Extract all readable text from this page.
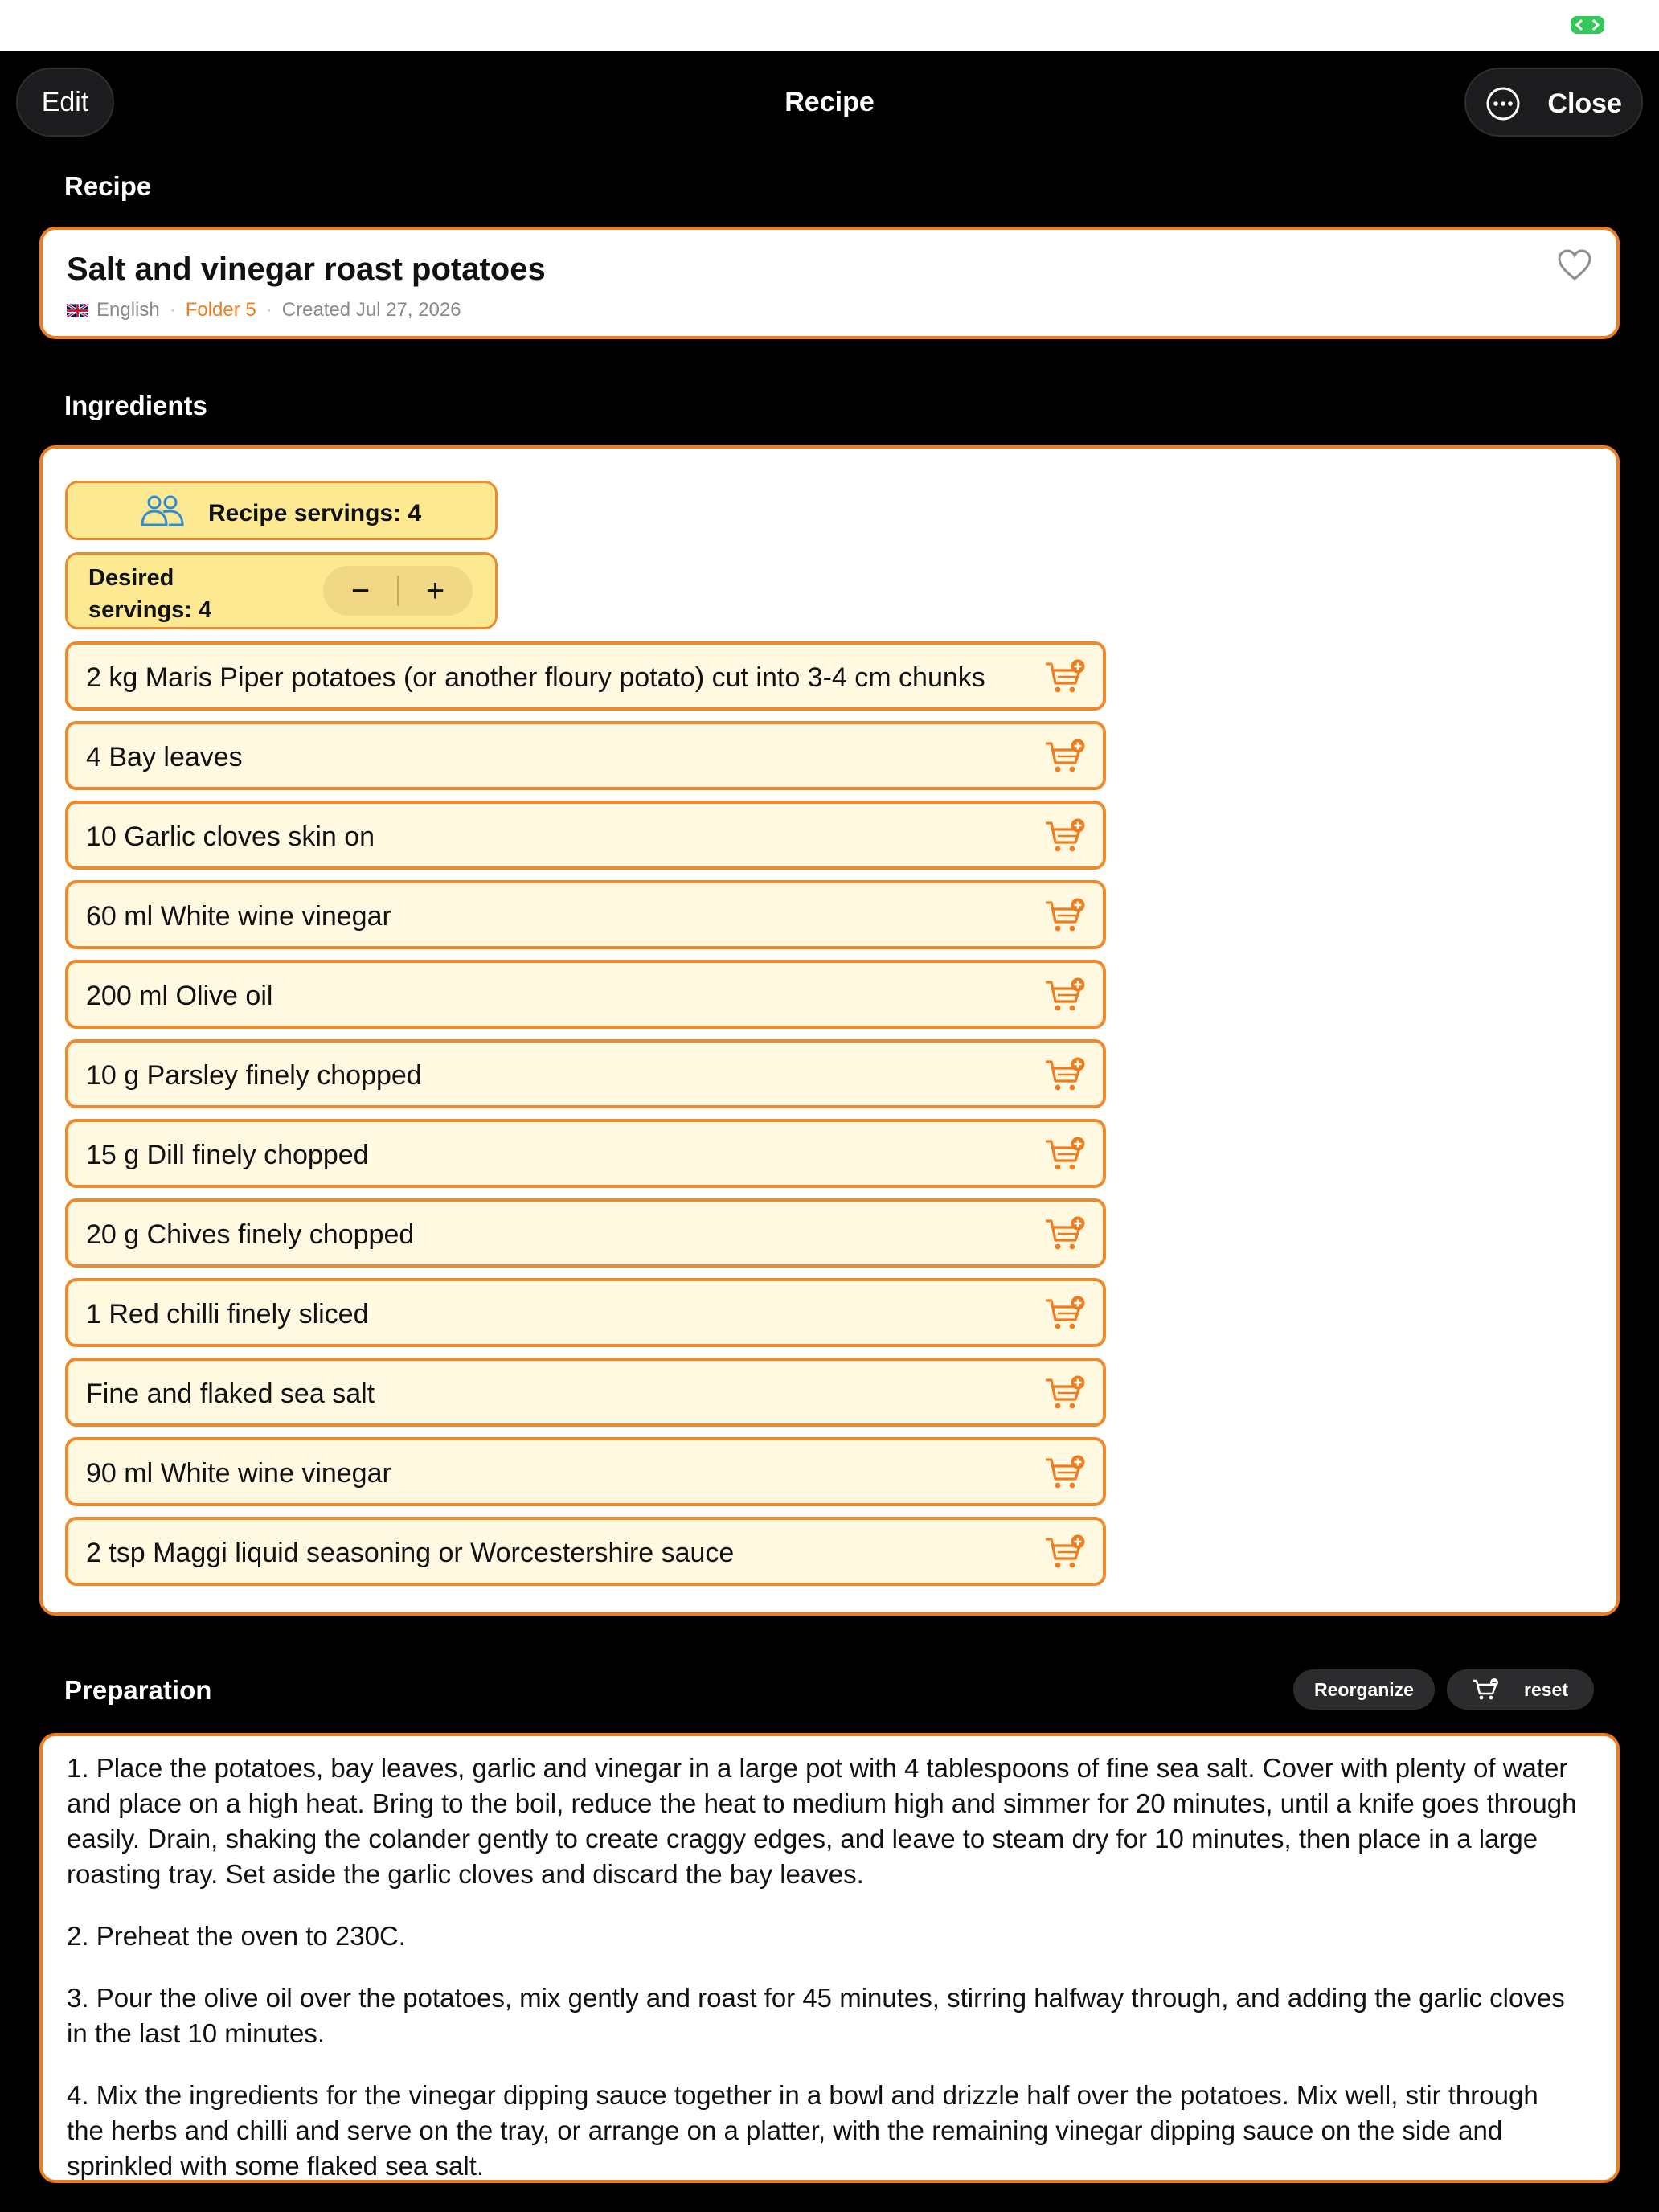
Edit	Recipe	Close
Recipe
Salt and vinegar roast potatoes
English · Folder 5 · Created Jul 27, 2026
Ingredients
Recipe servings: 4
Desired servings: 4
−	+
2 kg Maris Piper potatoes (or another floury potato) cut into 3-4 cm chunks
4 Bay leaves
10 Garlic cloves skin on
60 ml White wine vinegar
200 ml Olive oil
10 g Parsley finely chopped
15 g Dill finely chopped
20 g Chives finely chopped
1 Red chilli finely sliced
Fine and flaked sea salt
90 ml White wine vinegar
2 tsp Maggi liquid seasoning or Worcestershire sauce
Preparation	Reorganize	reset

1. Place the potatoes, bay leaves, garlic and vinegar in a large pot with 4 tablespoons of fine sea salt. Cover with plenty of water and place on a high heat. Bring to the boil, reduce the heat to medium high and simmer for 20 minutes, until a knife goes through easily. Drain, shaking the colander gently to create craggy edges, and leave to steam dry for 10 minutes, then place in a large roasting tray. Set aside the garlic cloves and discard the bay leaves.

2. Preheat the oven to 230C.

3. Pour the olive oil over the potatoes, mix gently and roast for 45 minutes, stirring halfway through, and adding the garlic cloves in the last 10 minutes.

4. Mix the ingredients for the vinegar dipping sauce together in a bowl and drizzle half over the potatoes. Mix well, stir through the herbs and chilli and serve on the tray, or arrange on a platter, with the remaining vinegar dipping sauce on the side and sprinkled with some flaked sea salt.
